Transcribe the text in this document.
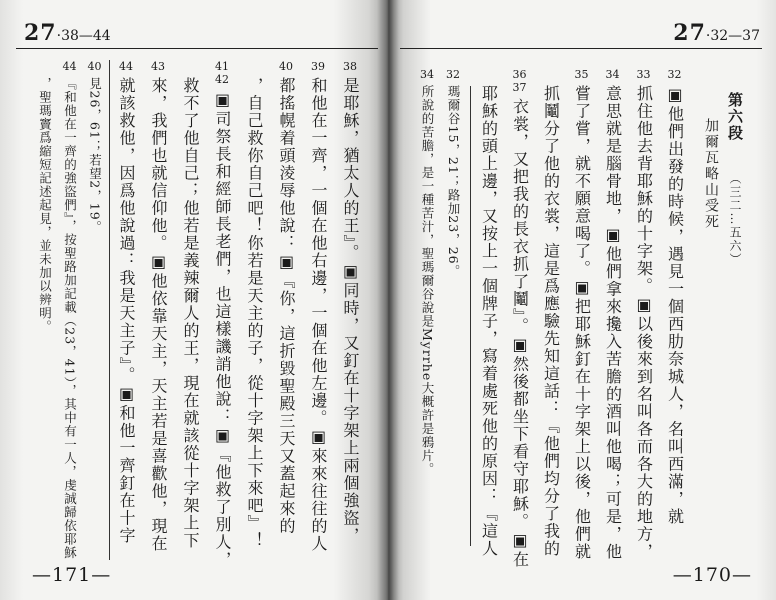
27·38—44
38
是耶穌，猶太人的王』。▣同時，又釘在十字架上兩個強盜，
39
和他在一齊，一個在他右邊，一個在他左邊。▣來來往往的人
40
都搖幌着頭淩辱他說：▣『你，這折毀聖殿三天又蓋起來的
，自己救你自己吧！你若是天主的子，從十字架上下來吧』！
41
42
▣司祭長和經師長老們，也這樣譏誚他說：▣『他救了別人，
救不了他自己；他若是義辣爾人的王，現在就該從十字架上下
43
來，我們也就信仰他。▣他依靠天主，天主若是喜歡他，現在
44
就該救他，因爲他說過：我是天主子』。▣和他一齊釘在十字
40
見26，61；若望2，19。
44
『和他在一齊的強盜們』，按聖路加記載（23，41），其中有一人，虔誠歸依耶穌
，聖瑪竇爲縮短記述起見，並未加以辨明。
—171—
27·32—37
第六段
（三二…五六）
加爾瓦略山受死
32
▣他們出發的時候，遇見一個西肋奈城人，名叫西滿，就
33
抓住他去背耶穌的十字架。▣以後來到名叫各而各大的地方，
34
意思就是腦骨地，▣他們拿來攙入苦膽的酒叫他喝；可是，他
35
嘗了嘗，就不願意喝了。▣把耶穌釘在十字架上以後，他們就
抓鬮分了他的衣裳，這是爲應驗先知這話：『他們均分了我的
36
37
衣裳，又把我的長衣抓了鬮』。▣然後都坐下看守耶穌。▣在
耶穌的頭上邊，又按上一個牌子，寫着處死他的原因：『這人
32
瑪爾谷15，21；路加23，26。
34
所說的苦膽，是一種苦汁，聖瑪爾谷說是Myrrhe大概許是鴉片。
—170—
